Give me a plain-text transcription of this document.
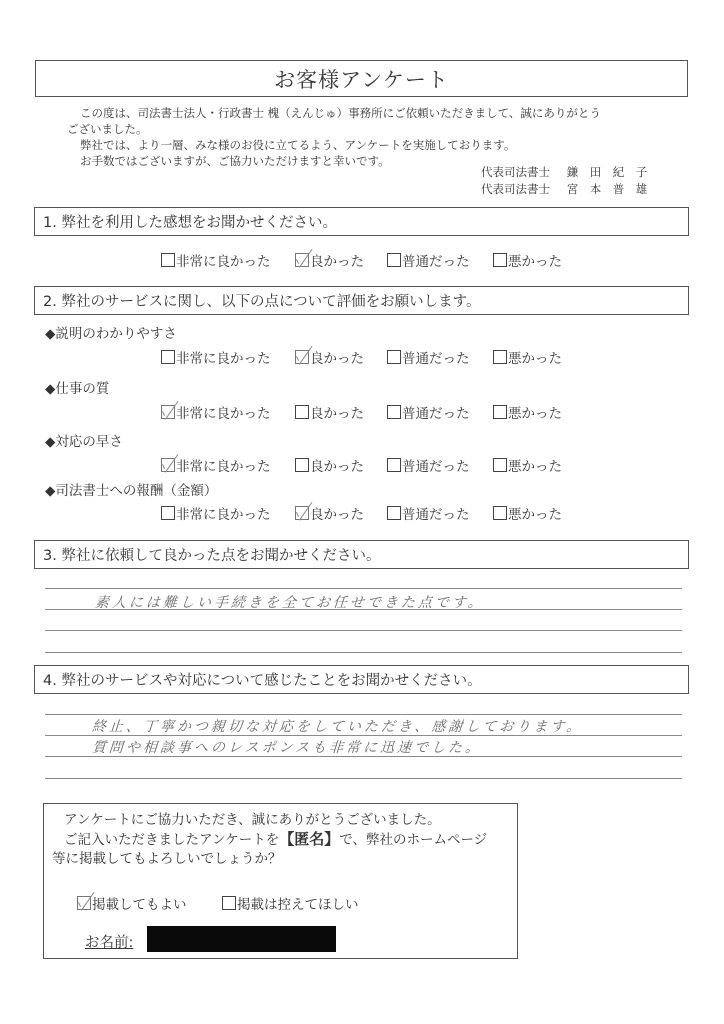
お客様アンケート

この度は、司法書士法人・行政書士 槐（えんじゅ）事務所にご依頼いただきまして、誠にありがとう

ございました。

弊社では、より一層、みな様のお役に立てるよう、アンケートを実施しております。

お手数ではございますが、ご協力いただけますと幸いです。

代表司法書士	鎌	田	紀	子
代表司法書士	宮	本	普	雄
1. 弊社を利用した感想をお聞かせください。
非常に良かった	良かった	普通だった	悪かった
2. 弊社のサービスに関し、以下の点について評価をお願いします。
◆説明のわかりやすさ
非常に良かった	良かった	普通だった	悪かった
◆仕事の質
非常に良かった	良かった	普通だった	悪かった
◆対応の早さ
非常に良かった	良かった	普通だった	悪かった
◆司法書士への報酬（金額）
非常に良かった	良かった	普通だった	悪かった
3. 弊社に依頼して良かった点をお聞かせください。
素人には難しい手続きを全てお任せできた点です。
4. 弊社のサービスや対応について感じたことをお聞かせください。
終止、丁寧かつ親切な対応をしていただき、感謝しております。
質問や相談事へのレスポンスも非常に迅速でした。

アンケートにご協力いただき、誠にありがとうございました。

ご記入いただきましたアンケートを【匿名】で、弊社のホームページ

等に掲載してもよろしいでしょうか？

掲載してもよい	掲載は控えてほしい
お名前:
